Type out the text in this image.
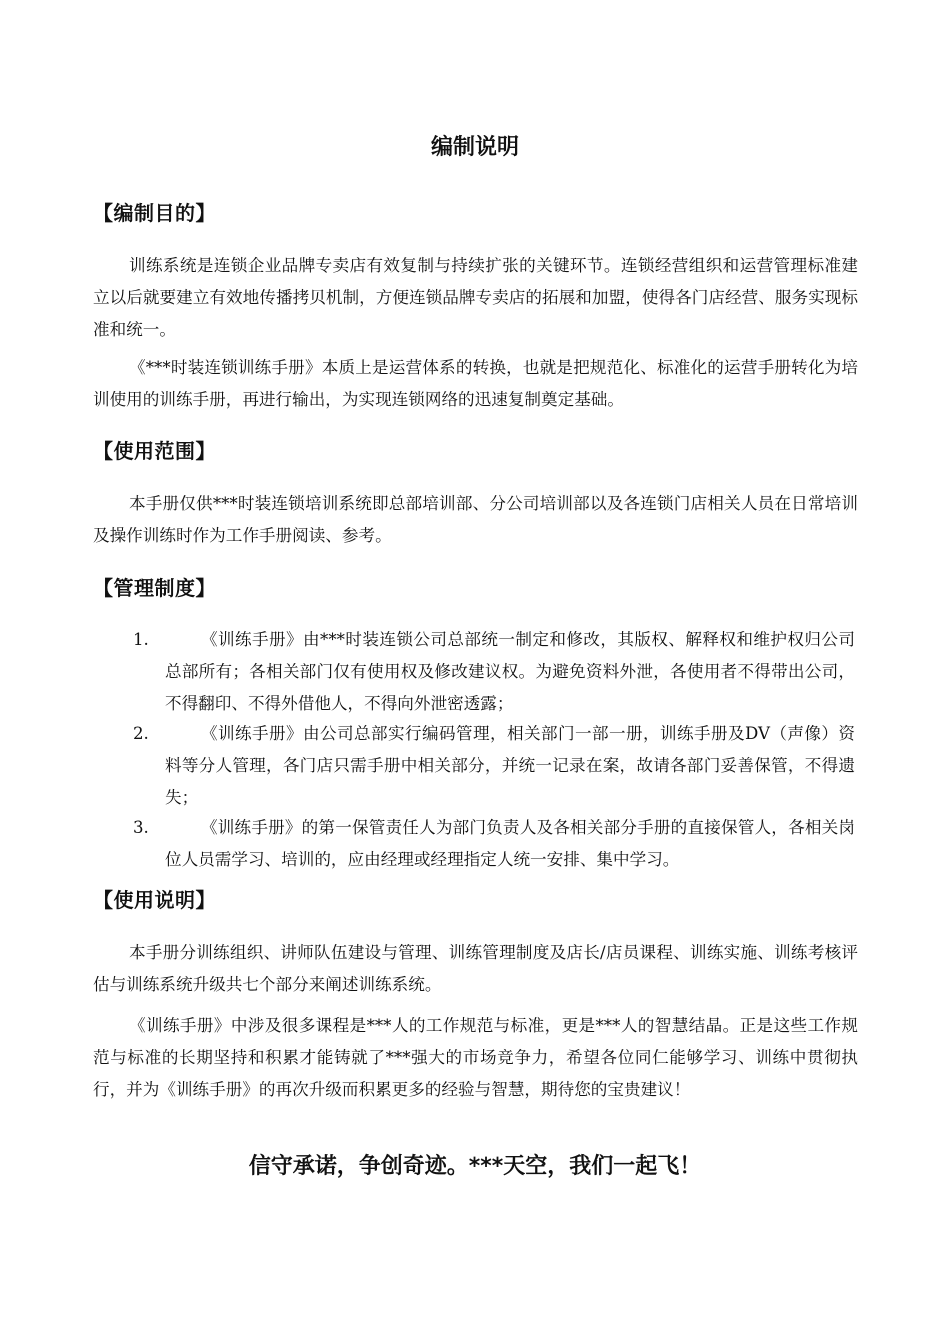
编制说明
【编制目的】
训练系统是连锁企业品牌专卖店有效复制与持续扩张的关键环节。连锁经营组织和运营管理标准建立以后就要建立有效地传播拷贝机制，方便连锁品牌专卖店的拓展和加盟，使得各门店经营、服务实现标准和统一。
《***时装连锁训练手册》本质上是运营体系的转换，也就是把规范化、标准化的运营手册转化为培训使用的训练手册，再进行输出，为实现连锁网络的迅速复制奠定基础。
【使用范围】
本手册仅供***时装连锁培训系统即总部培训部、分公司培训部以及各连锁门店相关人员在日常培训及操作训练时作为工作手册阅读、参考。
【管理制度】
1.	《训练手册》由***时装连锁公司总部统一制定和修改，其版权、解释权和维护权归公司总部所有；各相关部门仅有使用权及修改建议权。为避免资料外泄，各使用者不得带出公司，不得翻印、不得外借他人，不得向外泄密透露；
2.	《训练手册》由公司总部实行编码管理，相关部门一部一册，训练手册及DV（声像）资料等分人管理，各门店只需手册中相关部分，并统一记录在案，故请各部门妥善保管，不得遗失；
3.	《训练手册》的第一保管责任人为部门负责人及各相关部分手册的直接保管人，各相关岗位人员需学习、培训的，应由经理或经理指定人统一安排、集中学习。
【使用说明】
本手册分训练组织、讲师队伍建设与管理、训练管理制度及店长/店员课程、训练实施、训练考核评估与训练系统升级共七个部分来阐述训练系统。
《训练手册》中涉及很多课程是***人的工作规范与标准，更是***人的智慧结晶。正是这些工作规范与标准的长期坚持和积累才能铸就了***强大的市场竞争力，希望各位同仁能够学习、训练中贯彻执行，并为《训练手册》的再次升级而积累更多的经验与智慧，期待您的宝贵建议！
信守承诺，争创奇迹。***天空，我们一起飞！
